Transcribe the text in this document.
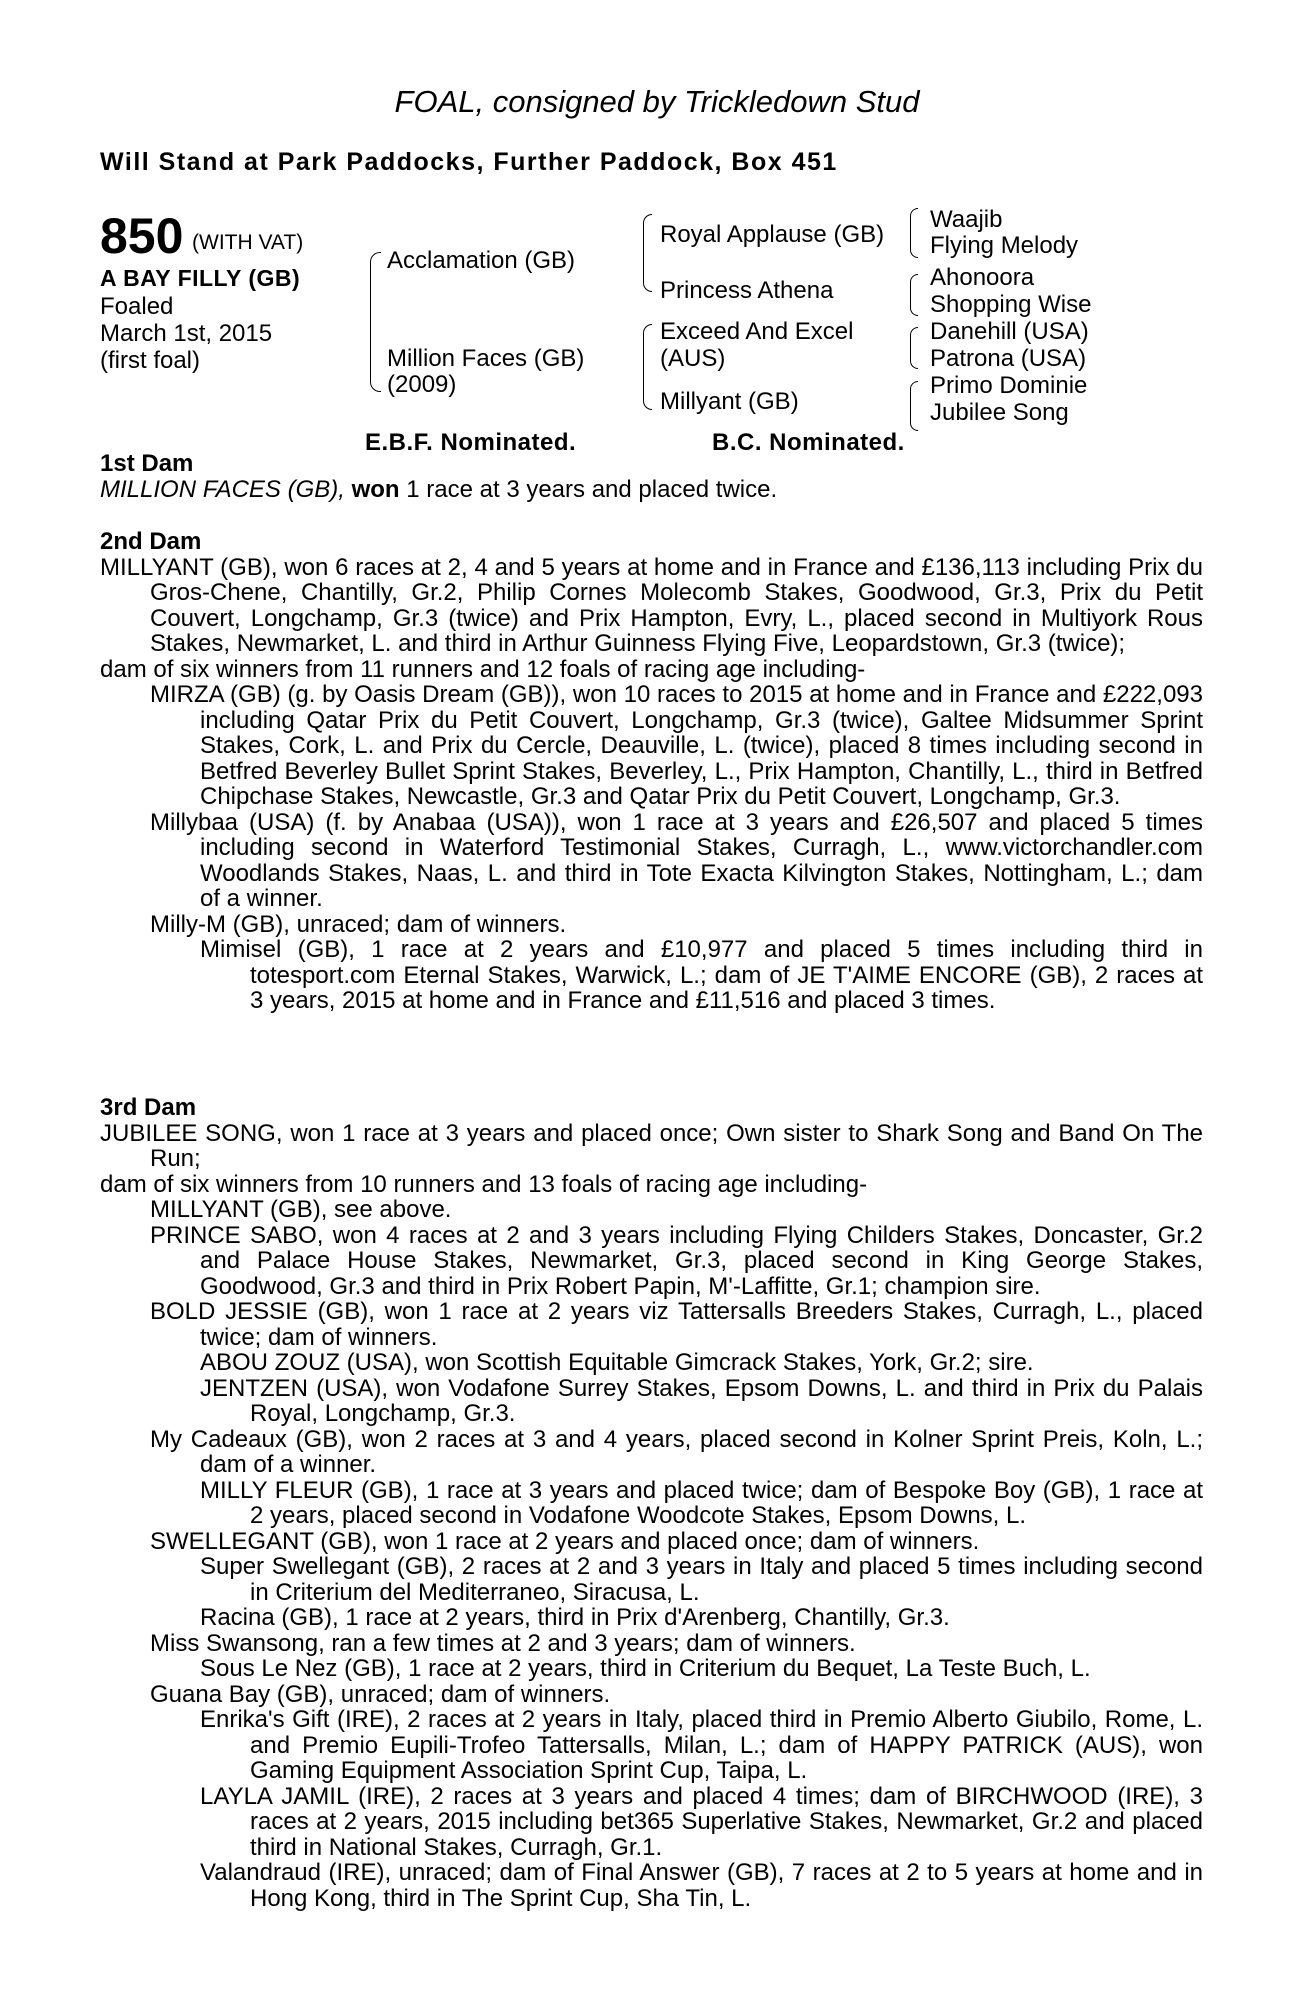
FOAL, consigned by Trickledown Stud
Will Stand at Park Paddocks, Further Paddock, Box 451
850 (WITH VAT)
A BAY FILLY (GB)
Foaled
March 1st, 2015
(first foal)
Acclamation (GB)
Million Faces (GB)
(2009)
Royal Applause (GB)
Princess Athena
Exceed And Excel
(AUS)
Millyant (GB)
Waajib
Flying Melody
Ahonoora
Shopping Wise
Danehill (USA)
Patrona (USA)
Primo Dominie
Jubilee Song
E.B.F. Nominated.	B.C. Nominated.
1st Dam
MILLION FACES (GB), won 1 race at 3 years and placed twice.
2nd Dam
MILLYANT (GB), won 6 races at 2, 4 and 5 years at home and in France and £136,113 including Prix du Gros-Chene, Chantilly, Gr.2, Philip Cornes Molecomb Stakes, Goodwood, Gr.3, Prix du Petit Couvert, Longchamp, Gr.3 (twice) and Prix Hampton, Evry, L., placed second in Multiyork Rous Stakes, Newmarket, L. and third in Arthur Guinness Flying Five, Leopardstown, Gr.3 (twice);
dam of six winners from 11 runners and 12 foals of racing age including-
MIRZA (GB) (g. by Oasis Dream (GB)), won 10 races to 2015 at home and in France and £222,093 including Qatar Prix du Petit Couvert, Longchamp, Gr.3 (twice), Galtee Midsummer Sprint Stakes, Cork, L. and Prix du Cercle, Deauville, L. (twice), placed 8 times including second in Betfred Beverley Bullet Sprint Stakes, Beverley, L., Prix Hampton, Chantilly, L., third in Betfred Chipchase Stakes, Newcastle, Gr.3 and Qatar Prix du Petit Couvert, Longchamp, Gr.3.
Millybaa (USA) (f. by Anabaa (USA)), won 1 race at 3 years and £26,507 and placed 5 times including second in Waterford Testimonial Stakes, Curragh, L., www.victorchandler.com Woodlands Stakes, Naas, L. and third in Tote Exacta Kilvington Stakes, Nottingham, L.; dam of a winner.
Milly-M (GB), unraced; dam of winners.
Mimisel (GB), 1 race at 2 years and £10,977 and placed 5 times including third in totesport.com Eternal Stakes, Warwick, L.; dam of JE T'AIME ENCORE (GB), 2 races at 3 years, 2015 at home and in France and £11,516 and placed 3 times.
3rd Dam
JUBILEE SONG, won 1 race at 3 years and placed once; Own sister to Shark Song and Band On The Run;
dam of six winners from 10 runners and 13 foals of racing age including-
MILLYANT (GB), see above.
PRINCE SABO, won 4 races at 2 and 3 years including Flying Childers Stakes, Doncaster, Gr.2 and Palace House Stakes, Newmarket, Gr.3, placed second in King George Stakes, Goodwood, Gr.3 and third in Prix Robert Papin, M'-Laffitte, Gr.1; champion sire.
BOLD JESSIE (GB), won 1 race at 2 years viz Tattersalls Breeders Stakes, Curragh, L., placed twice; dam of winners.
ABOU ZOUZ (USA), won Scottish Equitable Gimcrack Stakes, York, Gr.2; sire.
JENTZEN (USA), won Vodafone Surrey Stakes, Epsom Downs, L. and third in Prix du Palais Royal, Longchamp, Gr.3.
My Cadeaux (GB), won 2 races at 3 and 4 years, placed second in Kolner Sprint Preis, Koln, L.; dam of a winner.
MILLY FLEUR (GB), 1 race at 3 years and placed twice; dam of Bespoke Boy (GB), 1 race at 2 years, placed second in Vodafone Woodcote Stakes, Epsom Downs, L.
SWELLEGANT (GB), won 1 race at 2 years and placed once; dam of winners.
Super Swellegant (GB), 2 races at 2 and 3 years in Italy and placed 5 times including second in Criterium del Mediterraneo, Siracusa, L.
Racina (GB), 1 race at 2 years, third in Prix d'Arenberg, Chantilly, Gr.3.
Miss Swansong, ran a few times at 2 and 3 years; dam of winners.
Sous Le Nez (GB), 1 race at 2 years, third in Criterium du Bequet, La Teste Buch, L.
Guana Bay (GB), unraced; dam of winners.
Enrika's Gift (IRE), 2 races at 2 years in Italy, placed third in Premio Alberto Giubilo, Rome, L. and Premio Eupili-Trofeo Tattersalls, Milan, L.; dam of HAPPY PATRICK (AUS), won Gaming Equipment Association Sprint Cup, Taipa, L.
LAYLA JAMIL (IRE), 2 races at 3 years and placed 4 times; dam of BIRCHWOOD (IRE), 3 races at 2 years, 2015 including bet365 Superlative Stakes, Newmarket, Gr.2 and placed third in National Stakes, Curragh, Gr.1.
Valandraud (IRE), unraced; dam of Final Answer (GB), 7 races at 2 to 5 years at home and in Hong Kong, third in The Sprint Cup, Sha Tin, L.
